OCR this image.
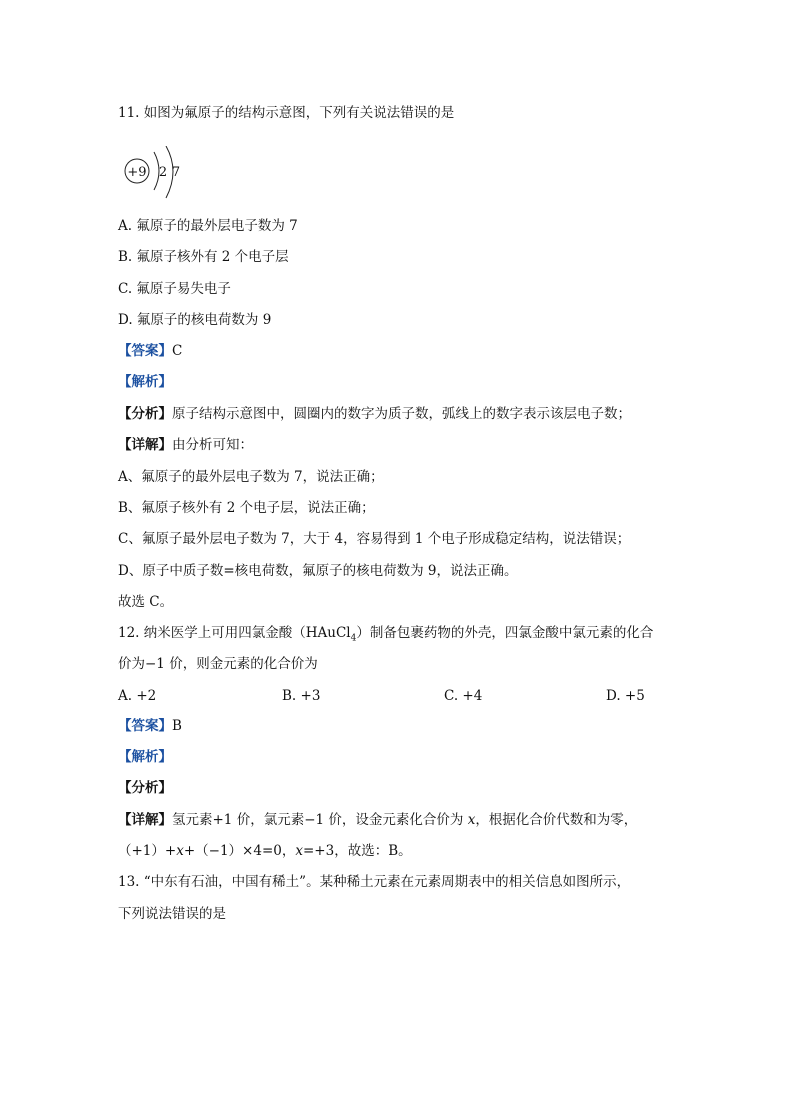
11. 如图为氟原子的结构示意图，下列有关说法错误的是
+9 2 7
A. 氟原子的最外层电子数为 7
B. 氟原子核外有 2 个电子层
C. 氟原子易失电子
D. 氟原子的核电荷数为 9
【答案】C
【解析】
【分析】原子结构示意图中，圆圈内的数字为质子数，弧线上的数字表示该层电子数；
【详解】由分析可知：
A、氟原子的最外层电子数为 7，说法正确；
B、氟原子核外有 2 个电子层，说法正确；
C、氟原子最外层电子数为 7，大于 4，容易得到 1 个电子形成稳定结构，说法错误；
D、原子中质子数=核电荷数，氟原子的核电荷数为 9，说法正确。
故选 C。
12. 纳米医学上可用四氯金酸（HAuCl$_4$）制备包裹药物的外壳，四氯金酸中氯元素的化合
价为−1 价，则金元素的化合价为
A. +2	B. +3	C. +4	D. +5
【答案】B
【解析】
【分析】
【详解】氢元素+1 价，氯元素−1 价，设金元素化合价为 x，根据化合价代数和为零，
（+1）+x+（−1）×4=0，x=+3，故选：B。
13. “中东有石油，中国有稀土”。某种稀土元素在元素周期表中的相关信息如图所示，
下列说法错误的是
